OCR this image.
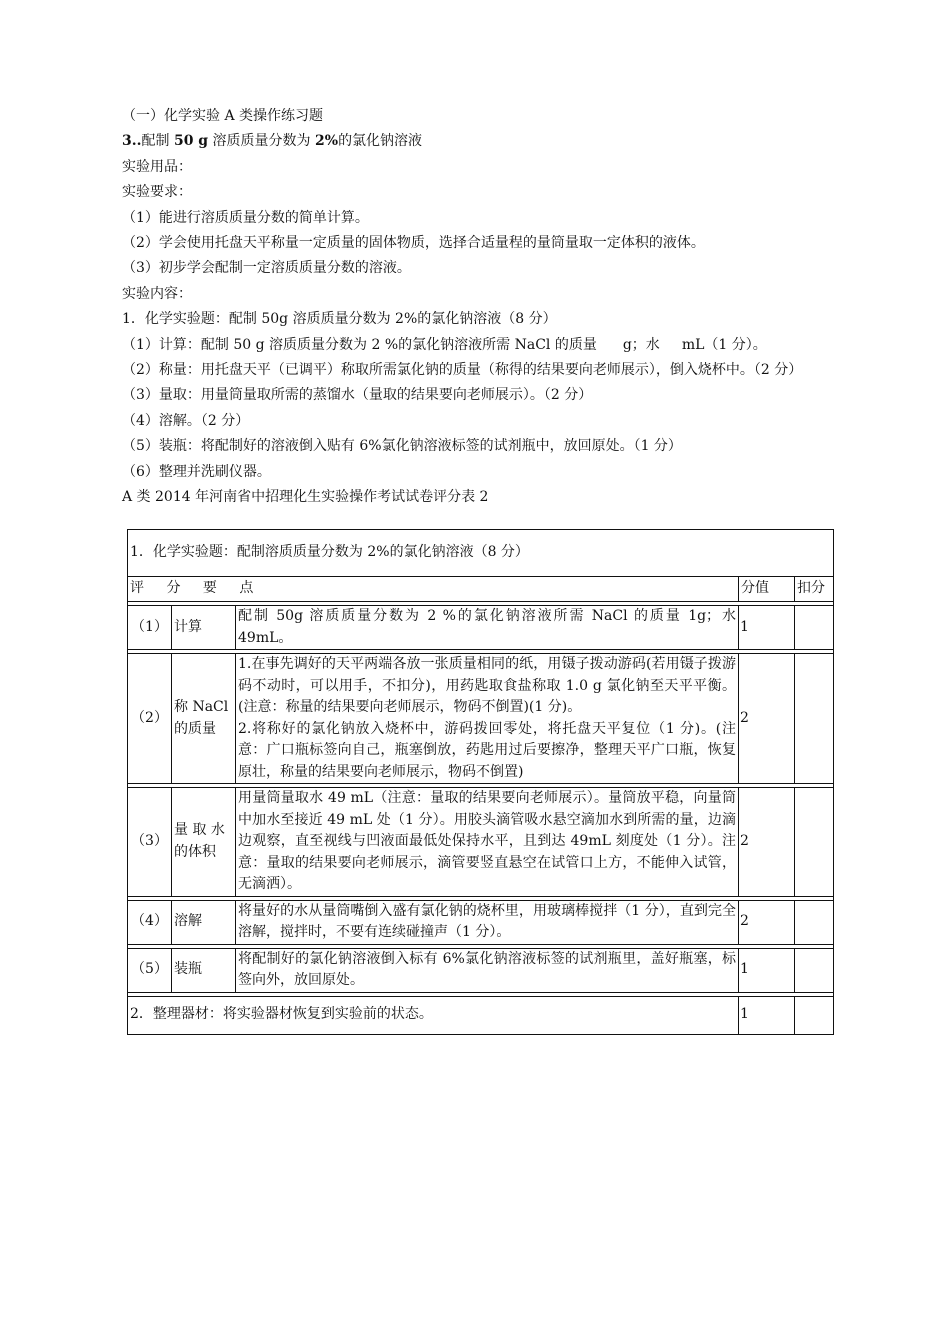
（一）化学实验 A 类操作练习题
3..配制 50 g 溶质质量分数为 2%的氯化钠溶液
实验用品：
实验要求：
（1）能进行溶质质量分数的简单计算。
（2）学会使用托盘天平称量一定质量的固体物质，选择合适量程的量筒量取一定体积的液体。
（3）初步学会配制一定溶质质量分数的溶液。
实验内容：
1．化学实验题：配制 50g 溶质质量分数为 2%的氯化钠溶液（8 分）
（1）计算：配制 50 g 溶质质量分数为 2 %的氯化钠溶液所需 NaCl 的质量 g；水 mL（1 分）。
（2）称量：用托盘天平（已调平）称取所需氯化钠的质量（称得的结果要向老师展示），倒入烧杯中。（2 分）
（3）量取：用量筒量取所需的蒸馏水（量取的结果要向老师展示）。（2 分）
（4）溶解。（2 分）
（5）装瓶：将配制好的溶液倒入贴有 6%氯化钠溶液标签的试剂瓶中，放回原处。（1 分）
（6）整理并洗刷仪器。
A 类 2014 年河南省中招理化生实验操作考试试卷评分表 2
1．化学实验题：配制溶质质量分数为 2%的氯化钠溶液（8 分）				
评 分 要 点			分值	扣分

（1）	计算	配制 50g 溶质质量分数为 2 %的氯化钠溶液所需 NaCl 的质量 1g；水 49mL。	1	

（2）	称 NaCl 的质量	1.在事先调好的天平两端各放一张质量相同的纸，用镊子拨动游码(若用镊子拨游码不动时，可以用手，不扣分)，用药匙取食盐称取 1.0 g 氯化钠至天平平衡。(注意：称量的结果要向老师展示，物码不倒置)(1 分)。
2.将称好的氯化钠放入烧杯中，游码拨回零处，将托盘天平复位（1 分)。(注意：广口瓶标签向自己，瓶塞倒放，药匙用过后要擦净，整理天平广口瓶，恢复原壮，称量的结果要向老师展示，物码不倒置)	2	

（3）	量 取 水 的体积	用量筒量取水 49 mL（注意：量取的结果要向老师展示）。量筒放平稳，向量筒中加水至接近 49 mL 处（1 分）。用胶头滴管吸水悬空滴加水到所需的量，边滴边观察，直至视线与凹液面最低处保持水平，且到达 49mL 刻度处（1 分）。注意：量取的结果要向老师展示，滴管要竖直悬空在试管口上方，不能伸入试管，无滴洒）。	2	

（4）	溶解	将量好的水从量筒嘴倒入盛有氯化钠的烧杯里，用玻璃棒搅拌（1 分），直到完全溶解，搅拌时，不要有连续碰撞声（1 分）。	2	

（5）	装瓶	将配制好的氯化钠溶液倒入标有 6%氯化钠溶液标签的试剂瓶里，盖好瓶塞，标签向外，放回原处。	1	

2．整理器材：将实验器材恢复到实验前的状态。			1	
